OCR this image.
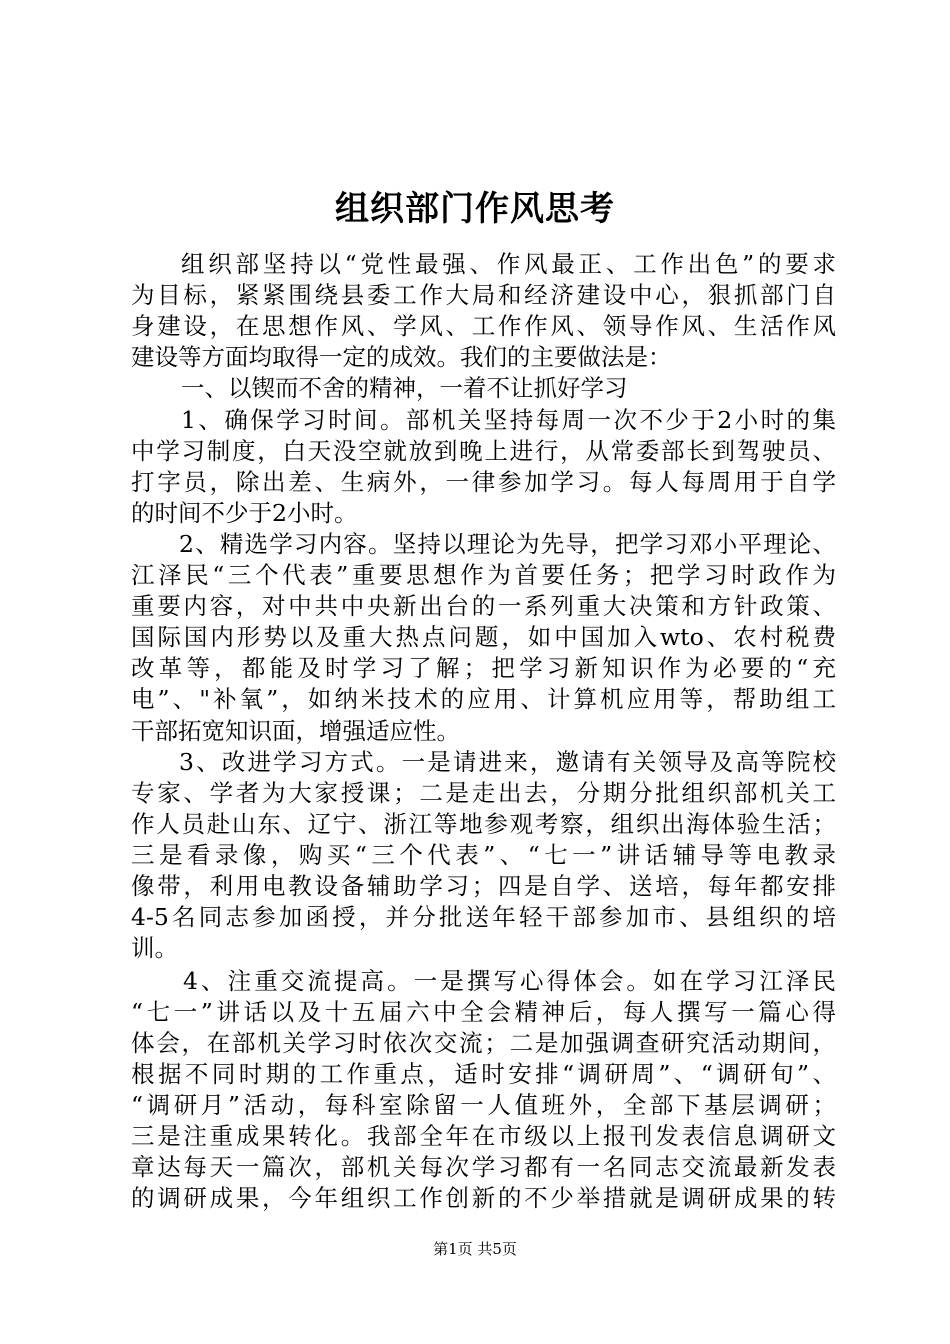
组织部门作风思考
组织部坚持以“党性最强、作风最正、工作出色”的要求
为目标，紧紧围绕县委工作大局和经济建设中心，狠抓部门自
身建设，在思想作风、学风、工作作风、领导作风、生活作风
建设等方面均取得一定的成效。我们的主要做法是：
一、以锲而不舍的精神，一着不让抓好学习
1、确保学习时间。部机关坚持每周一次不少于2小时的集
中学习制度，白天没空就放到晚上进行，从常委部长到驾驶员、
打字员，除出差、生病外，一律参加学习。每人每周用于自学
的时间不少于2小时。
2、精选学习内容。坚持以理论为先导，把学习邓小平理论、
江泽民“三个代表”重要思想作为首要任务；把学习时政作为
重要内容，对中共中央新出台的一系列重大决策和方针政策、
国际国内形势以及重大热点问题，如中国加入wto、农村税费
改革等，都能及时学习了解；把学习新知识作为必要的“充
电”、"补氧”，如纳米技术的应用、计算机应用等，帮助组工
干部拓宽知识面，增强适应性。
3、改进学习方式。一是请进来，邀请有关领导及高等院校
专家、学者为大家授课；二是走出去，分期分批组织部机关工
作人员赴山东、辽宁、浙江等地参观考察，组织出海体验生活；
三是看录像，购买“三个代表”、“七一”讲话辅导等电教录
像带，利用电教设备辅助学习；四是自学、送培，每年都安排
4-5名同志参加函授，并分批送年轻干部参加市、县组织的培
训。
4、注重交流提高。一是撰写心得体会。如在学习江泽民
“七一”讲话以及十五届六中全会精神后，每人撰写一篇心得
体会，在部机关学习时依次交流；二是加强调查研究活动期间，
根据不同时期的工作重点，适时安排“调研周”、“调研旬”、
“调研月”活动，每科室除留一人值班外，全部下基层调研；
三是注重成果转化。我部全年在市级以上报刊发表信息调研文
章达每天一篇次，部机关每次学习都有一名同志交流最新发表
的调研成果，今年组织工作创新的不少举措就是调研成果的转
第1页 共5页
